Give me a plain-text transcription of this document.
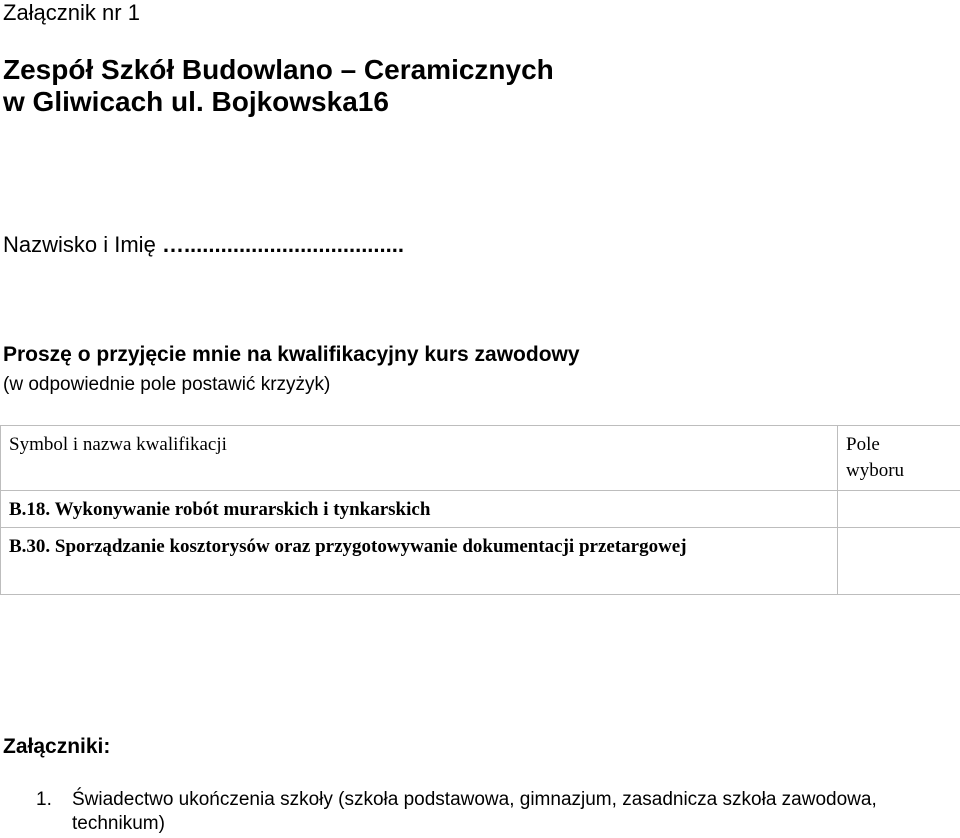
Załącznik nr 1
Zespół Szkół Budowlano – Ceramicznych
w Gliwicach ul. Bojkowska16
Nazwisko i Imię …....................................
Proszę o przyjęcie mnie na kwalifikacyjny kurs zawodowy
(w odpowiednie pole postawić krzyżyk)
Symbol i nazwa kwalifikacji	Pole
wyboru

B.18. Wykonywanie robót murarskich i tynkarskich	
B.30. Sporządzanie kosztorysów oraz przygotowywanie dokumentacji przetargowej	
Załączniki:
1.	Świadectwo ukończenia szkoły (szkoła podstawowa, gimnazjum, zasadnicza szkoła zawodowa, technikum)
